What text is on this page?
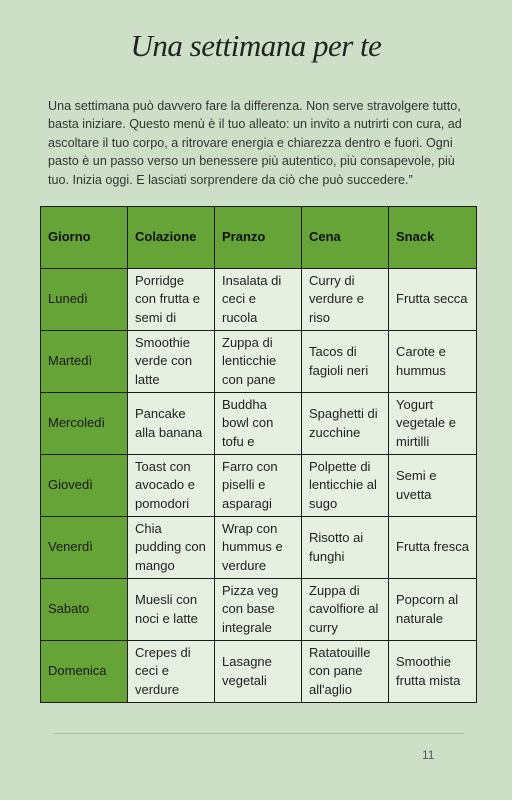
Una settimana per te

Una settimana può davvero fare la differenza. Non serve stravolgere tutto, basta iniziare. Questo menù è il tuo alleato: un invito a nutrirti con cura, ad ascoltare il tuo corpo, a ritrovare energia e chiarezza dentro e fuori. Ogni pasto è un passo verso un benessere più autentico, più consapevole, più tuo. Inizia oggi. E lasciati sorprendere da ciò che può succedere.”

Giorno	Colazione	Pranzo	Cena	Snack
Lunedì	Porridge con frutta e semi di	Insalata di ceci e rucola	Curry di verdure e riso	Frutta secca

Martedì	Smoothie verde con latte	Zuppa di lenticchie con pane	Tacos di fagioli neri	Carote e hummus

Mercoledì	Pancake alla banana	Buddha bowl con tofu e	Spaghetti di zucchine	Yogurt vegetale e mirtilli

Giovedì	Toast con avocado e pomodori	Farro con piselli e asparagi	Polpette di lenticchie al sugo	Semi e uvetta

Venerdì	Chia pudding con mango	Wrap con hummus e verdure	Risotto ai funghi	Frutta fresca

Sabato	Muesli con noci e latte	Pizza veg con base integrale	Zuppa di cavolfiore al curry	Popcorn al naturale

Domenica	Crepes di ceci e verdure	Lasagne vegetali	Ratatouille con pane all'aglio	Smoothie frutta mista
11
